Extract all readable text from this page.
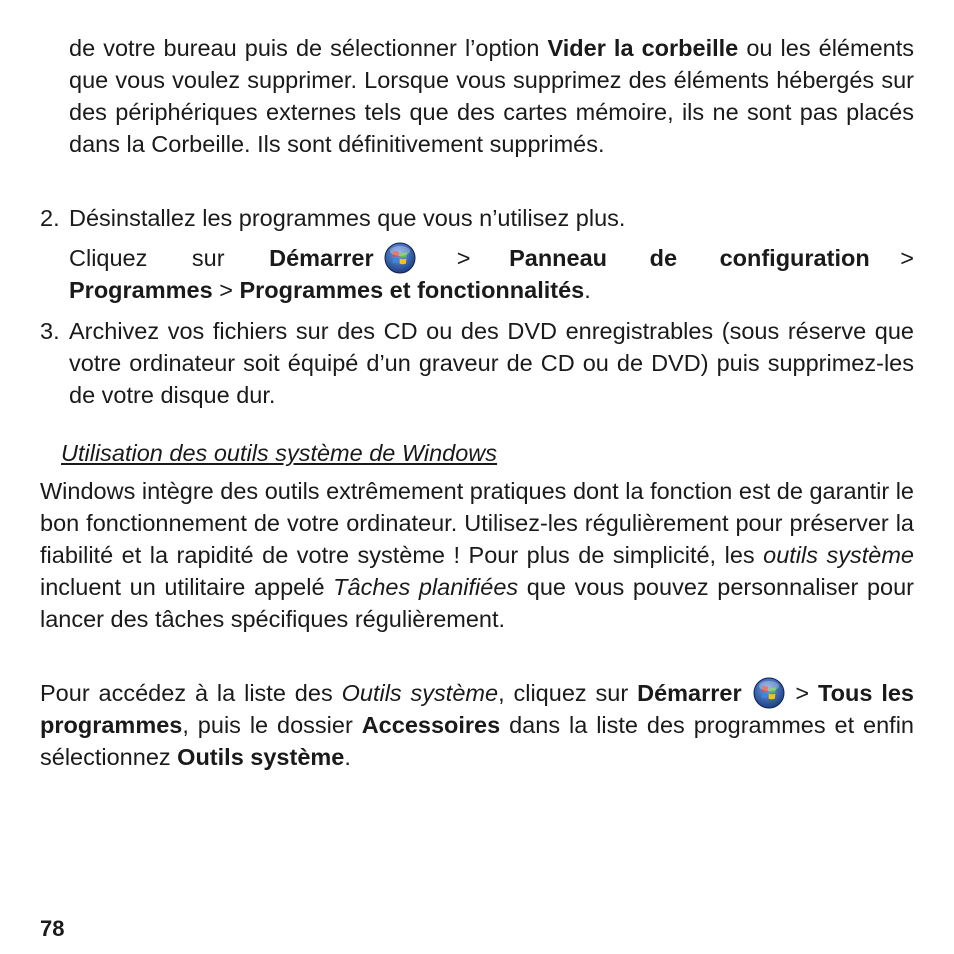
de votre bureau puis de sélectionner l’option Vider la corbeille ou les éléments que vous voulez supprimer. Lorsque vous supprimez des éléments hébergés sur des périphériques externes tels que des cartes mémoire, ils ne sont pas placés dans la Corbeille. Ils sont définitivement supprimés.

2. Désinstallez les programmes que vous n’utilisez plus.

Cliquez sur Démarrer  > Panneau de configuration > Programmes > Programmes et fonctionnalités.

3. Archivez vos fichiers sur des CD ou des DVD enregistrables (sous réserve que votre ordinateur soit équipé d’un graveur de CD ou de DVD) puis supprimez-les de votre disque dur.

Utilisation des outils système de Windows

Windows intègre des outils extrêmement pratiques dont la fonction est de garantir le bon fonctionnement de votre ordinateur. Utilisez-les régulièrement pour préserver la fiabilité et la rapidité de votre système ! Pour plus de simplicité, les outils système incluent un utilitaire appelé Tâches planifiées que vous pouvez personnaliser pour lancer des tâches spécifiques régulièrement.

Pour accédez à la liste des Outils système, cliquez sur Démarrer  > Tous les programmes, puis le dossier Accessoires dans la liste des programmes et enfin sélectionnez Outils système.

78
